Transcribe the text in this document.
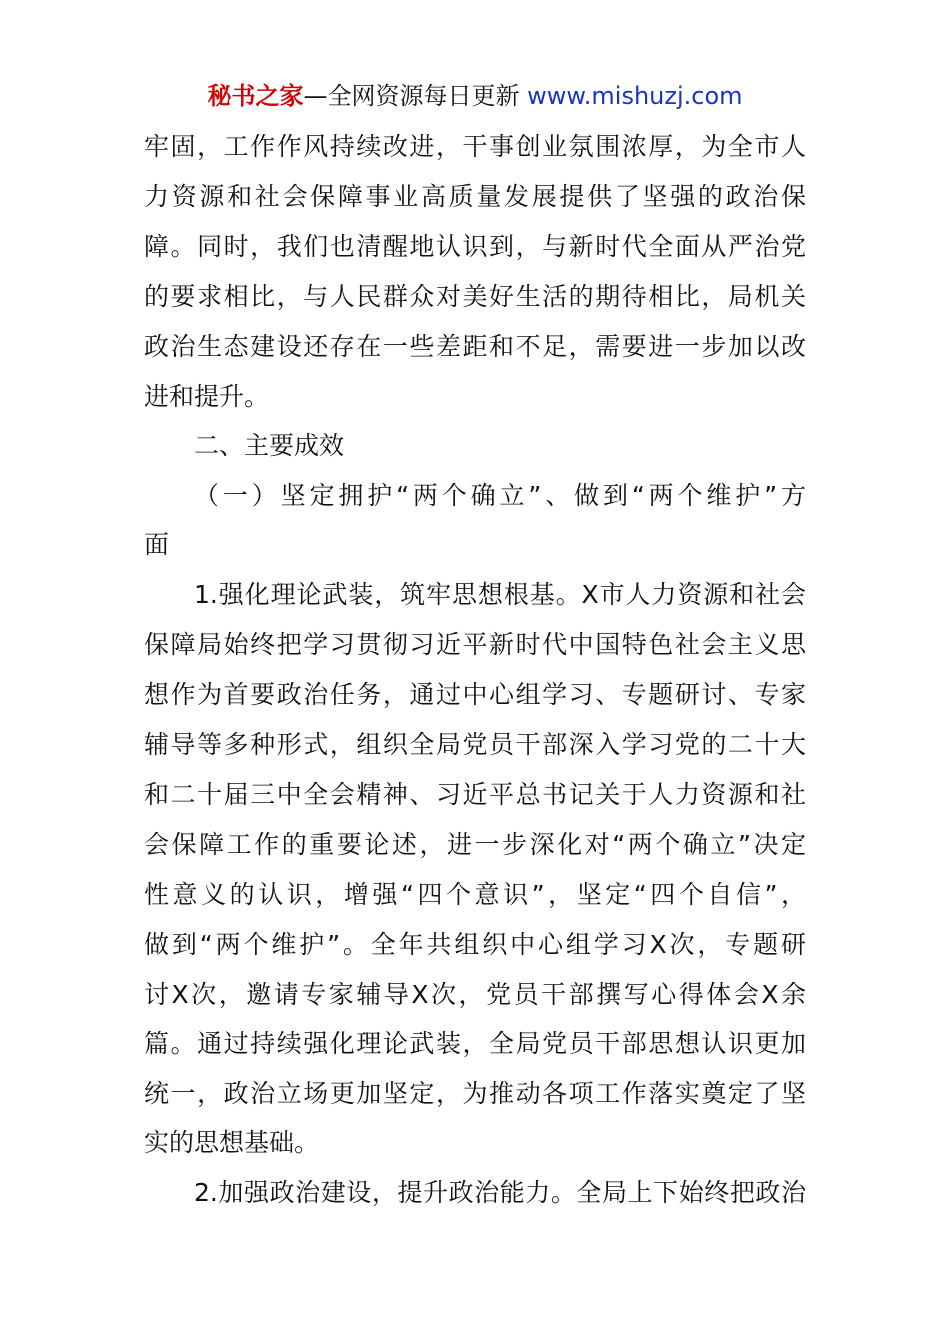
秘书之家—全网资源每日更新 www.mishuzj.com
牢固，工作作风持续改进，干事创业氛围浓厚，为全市人
力资源和社会保障事业高质量发展提供了坚强的政治保
障。同时，我们也清醒地认识到，与新时代全面从严治党
的要求相比，与人民群众对美好生活的期待相比，局机关
政治生态建设还存在一些差距和不足，需要进一步加以改
进和提升。
二、主要成效
（一）坚定拥护“两个确立”、做到“两个维护”方
面
1.强化理论武装，筑牢思想根基。X市人力资源和社会
保障局始终把学习贯彻习近平新时代中国特色社会主义思
想作为首要政治任务，通过中心组学习、专题研讨、专家
辅导等多种形式，组织全局党员干部深入学习党的二十大
和二十届三中全会精神、习近平总书记关于人力资源和社
会保障工作的重要论述，进一步深化对“两个确立”决定
性意义的认识，增强“四个意识”，坚定“四个自信”，
做到“两个维护”。全年共组织中心组学习X次，专题研
讨X次，邀请专家辅导X次，党员干部撰写心得体会X余
篇。通过持续强化理论武装，全局党员干部思想认识更加
统一，政治立场更加坚定，为推动各项工作落实奠定了坚
实的思想基础。
2.加强政治建设，提升政治能力。全局上下始终把政治
